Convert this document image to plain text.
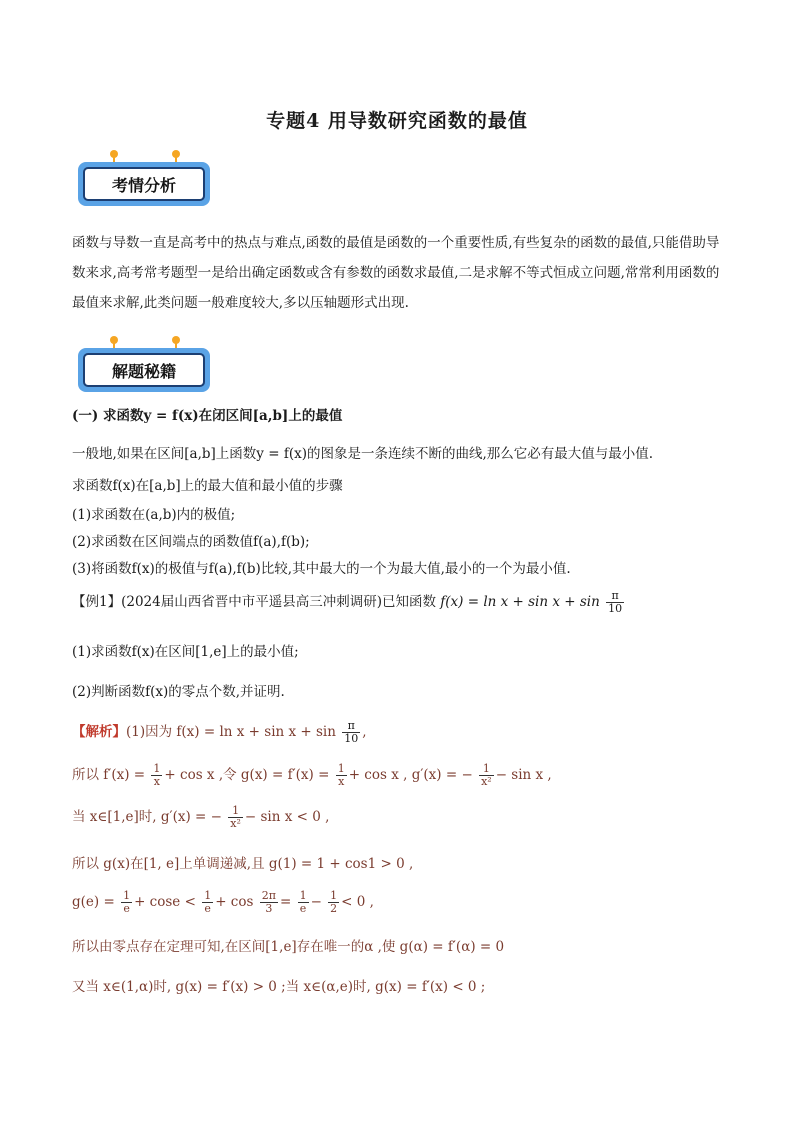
专题4 用导数研究函数的最值
考情分析
函数与导数一直是高考中的热点与难点,函数的最值是函数的一个重要性质,有些复杂的函数的最值,只能借助导数来求,高考常考题型一是给出确定函数或含有参数的函数求最值,二是求解不等式恒成立问题,常常利用函数的最值来求解,此类问题一般难度较大,多以压轴题形式出现.
解题秘籍
(一) 求函数y = f(x)在闭区间[a,b]上的最值
一般地,如果在区间[a,b]上函数y = f(x)的图象是一条连续不断的曲线,那么它必有最大值与最小值.
求函数f(x)在[a,b]上的最大值和最小值的步骤
(1)求函数在(a,b)内的极值;
(2)求函数在区间端点的函数值f(a),f(b);
(3)将函数f(x)的极值与f(a),f(b)比较,其中最大的一个为最大值,最小的一个为最小值.
【例1】(2024届山西省晋中市平遥县高三冲刺调研)已知函数 $f(x) = \ln x + \sin x + \sin \frac{\pi}{10}$
(1)求函数f(x)在区间[1,e]上的最小值;
(2)判断函数f(x)的零点个数,并证明.
【解析】(1)因为 $f(x) = \ln x + \sin x + \sin \frac{\pi}{10}$ ,
所以 $f'(x) = \frac{1}{x} + \cos x$ ,令 $g(x) = f'(x) = \frac{1}{x} + \cos x$ , g′(x) = − $\frac{1}{\text{x²}} - \sin x$ ,
当 x∈[1,e]时, g′(x) = − $\frac{1}{\text{x²}} - \sin x < 0$ ,
所以 g(x)在[1, e]上单调递减,且 g(1) = 1 + cos1 > 0 ,
$g(e) = \frac{1}{e} + \cos e < \frac{1}{e} + \cos \frac{2\pi}{3} = \frac{1}{e} - \frac{1}{2} < 0$ ,
所以由零点存在定理可知,在区间[1,e]存在唯一的α ,使 g(α) = f′(α) = 0
又当 x∈(1,α)时, g(x) = f′(x) > 0 ;当 x∈(α,e)时, g(x) = f′(x) < 0 ;
